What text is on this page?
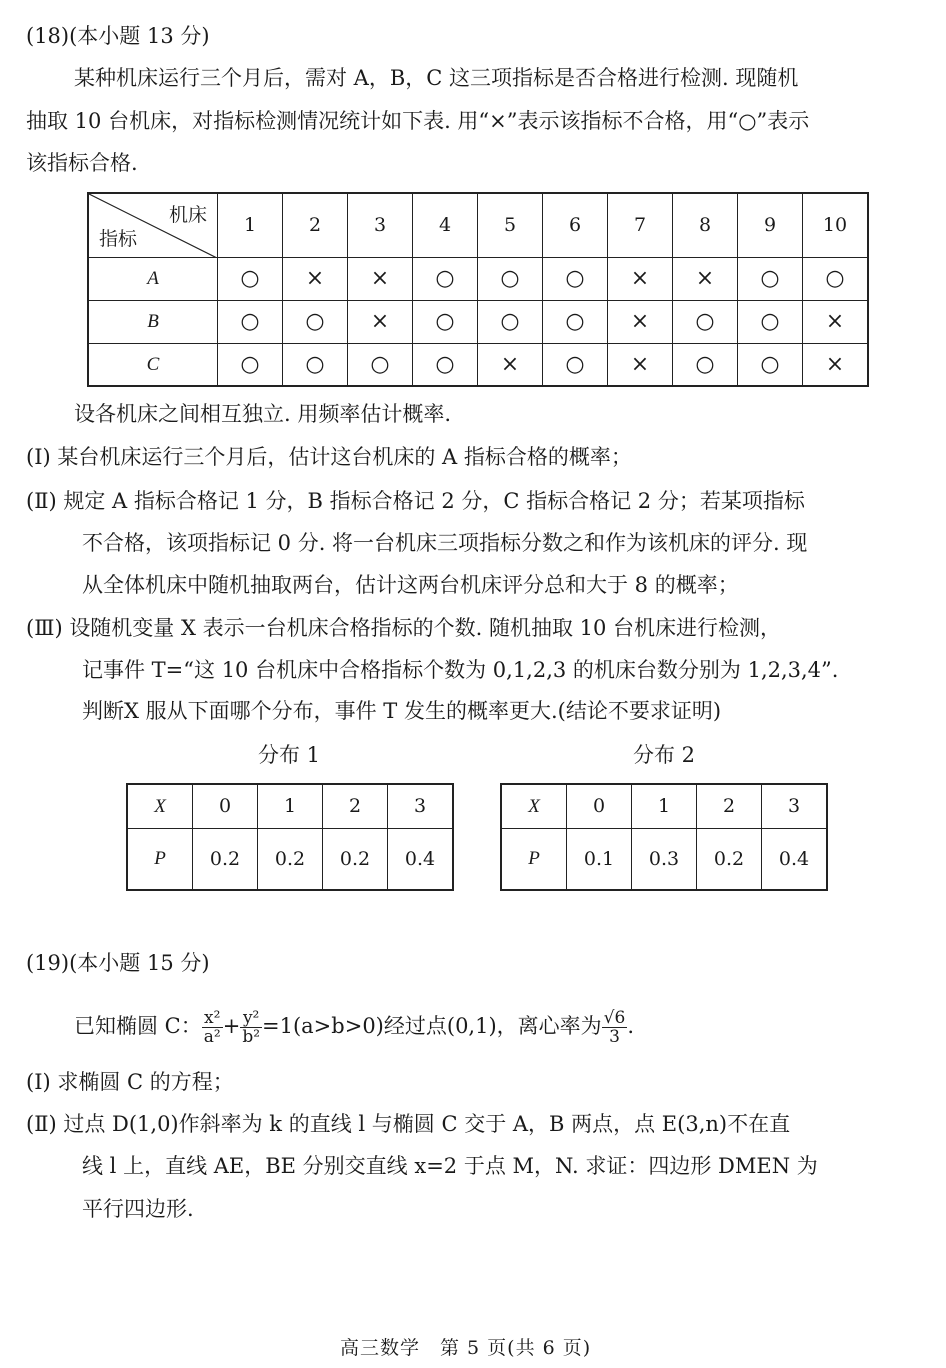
(18)(本小题 13 分)
某种机床运行三个月后，需对 A，B，C 这三项指标是否合格进行检测. 现随机
抽取 10 台机床，对指标检测情况统计如下表. 用“×”表示该指标不合格，用“○”表示
该指标合格.
机床
指标	1	2	3	4	5	6	7	8	9	10
A	○	×	×	○	○	○	×	×	○	○
B	○	○	×	○	○	○	×	○	○	×
C	○	○	○	○	×	○	×	○	○	×
设各机床之间相互独立. 用频率估计概率.
(Ⅰ) 某台机床运行三个月后，估计这台机床的 A 指标合格的概率；
(Ⅱ) 规定 A 指标合格记 1 分，B 指标合格记 2 分，C 指标合格记 2 分；若某项指标
不合格，该项指标记 0 分. 将一台机床三项指标分数之和作为该机床的评分. 现
从全体机床中随机抽取两台，估计这两台机床评分总和大于 8 的概率；
(Ⅲ) 设随机变量 X 表示一台机床合格指标的个数. 随机抽取 10 台机床进行检测，
记事件 T=“这 10 台机床中合格指标个数为 0,1,2,3 的机床台数分别为 1,2,3,4”.
判断X 服从下面哪个分布，事件 T 发生的概率更大.(结论不要求证明)
分布 1	分布 2
X	0	1	2	3
P	0.2	0.2	0.2	0.4
X	0	1	2	3
P	0.1	0.3	0.2	0.4
(19)(本小题 15 分)
已知椭圆 C： $\frac{\text{x²}}{\text{a²}} + \frac{\text{y²}}{\text{b²}} =1(a>b>0)$经过点(0,1)，离心率为 $\frac{√6}{3}$ .
(Ⅰ) 求椭圆 C 的方程；
(Ⅱ) 过点 D(1,0)作斜率为 k 的直线 l 与椭圆 C 交于 A，B 两点，点 E(3,n)不在直
线 l 上，直线 AE，BE 分别交直线 x=2 于点 M，N. 求证：四边形 DMEN 为
平行四边形.
高三数学　第 5 页(共 6 页)
